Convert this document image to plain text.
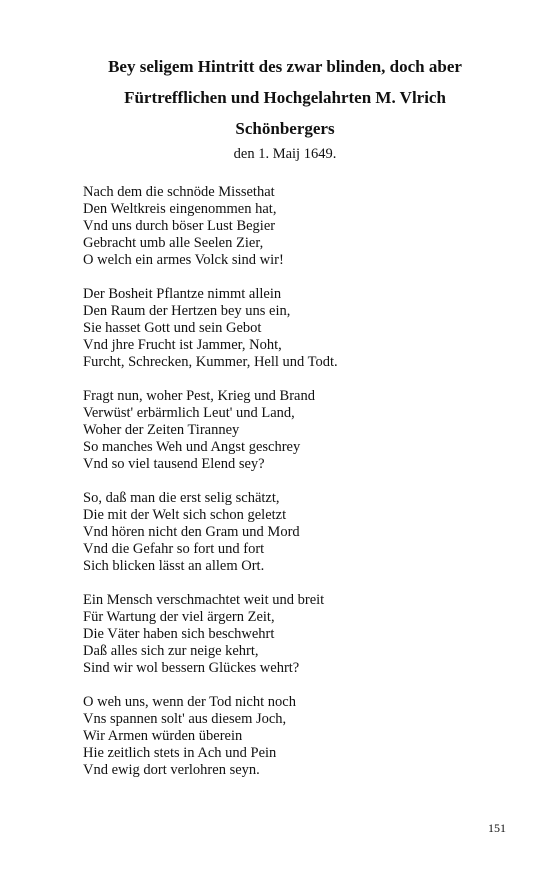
Bey seligem Hintritt des zwar blinden, doch aber
Fürtrefflichen und Hochgelahrten M. Vlrich
Schönbergers
den 1. Maij 1649.
Nach dem die schnöde Missethat
Den Weltkreis eingenommen hat,
Vnd uns durch böser Lust Begier
Gebracht umb alle Seelen Zier,
O welch ein armes Volck sind wir!
Der Bosheit Pflantze nimmt allein
Den Raum der Hertzen bey uns ein,
Sie hasset Gott und sein Gebot
Vnd jhre Frucht ist Jammer, Noht,
Furcht, Schrecken, Kummer, Hell und Todt.
Fragt nun, woher Pest, Krieg und Brand
Verwüst' erbärmlich Leut' und Land,
Woher der Zeiten Tiranney
So manches Weh und Angst geschrey
Vnd so viel tausend Elend sey?
So, daß man die erst selig schätzt,
Die mit der Welt sich schon geletzt
Vnd hören nicht den Gram und Mord
Vnd die Gefahr so fort und fort
Sich blicken lässt an allem Ort.
Ein Mensch verschmachtet weit und breit
Für Wartung der viel ärgern Zeit,
Die Väter haben sich beschwehrt
Daß alles sich zur neige kehrt,
Sind wir wol bessern Glückes wehrt?
O weh uns, wenn der Tod nicht noch
Vns spannen solt' aus diesem Joch,
Wir Armen würden überein
Hie zeitlich stets in Ach und Pein
Vnd ewig dort verlohren seyn.
151
